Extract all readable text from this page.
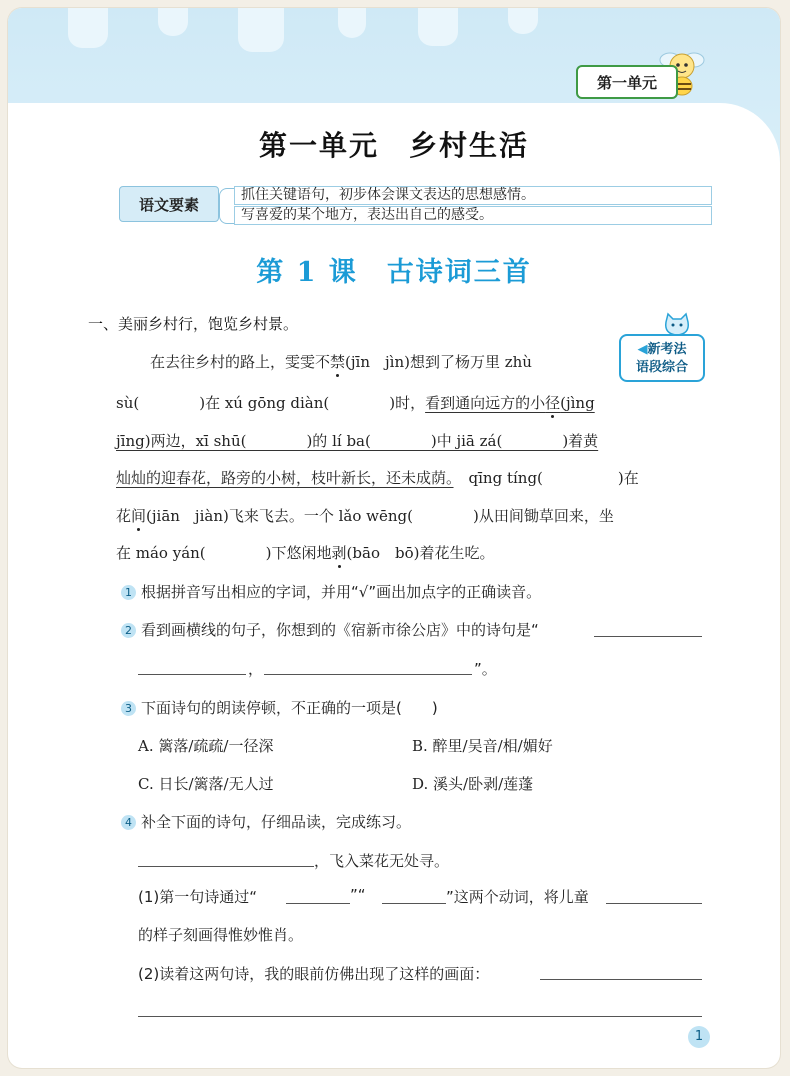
第一单元
第一单元　乡村生活
语文要素
抓住关键语句，初步体会课文表达的思想感情。
写喜爱的某个地方，表达出自己的感受。
第 1 课　古诗词三首
一、美丽乡村行，饱览乡村景。
◀新考法
语段综合
在去往乡村的路上，雯雯不禁(jīn　jìn)想到了杨万里 zhù
sù(　　　　)在 xú gōng diàn(　　　　)时，看到通向远方的小径(jìng
jīng)两边，xī shū(　　　　)的 lí ba(　　　　)中 jiā zá(　　　　)着黄
灿灿的迎春花，路旁的小树，枝叶新长，还未成荫。　 qīng tíng(　　　　　)在
花间(jiān　jiàn)飞来飞去。一个 lǎo wēng(　　　　)从田间锄草回来，坐
在 máo yán(　　　　)下悠闲地剥(bāo　bō)着花生吃。
1 根据拼音写出相应的字词，并用“√”画出加点字的正确读音。
2 看到画横线的句子，你想到的《宿新市徐公店》中的诗句是“
，	”。
3 下面诗句的朗读停顿，不正确的一项是(　　)
A. 篱落/疏疏/一径深	B. 醉里/吴音/相/媚好
C. 日长/篱落/无人过	D. 溪头/卧剥/莲蓬
4 补全下面的诗句，仔细品读，完成练习。
，飞入菜花无处寻。
(1)第一句诗通过“	”“	”这两个动词，将儿童
的样子刻画得惟妙惟肖。
(2)读着这两句诗，我的眼前仿佛出现了这样的画面：
1
